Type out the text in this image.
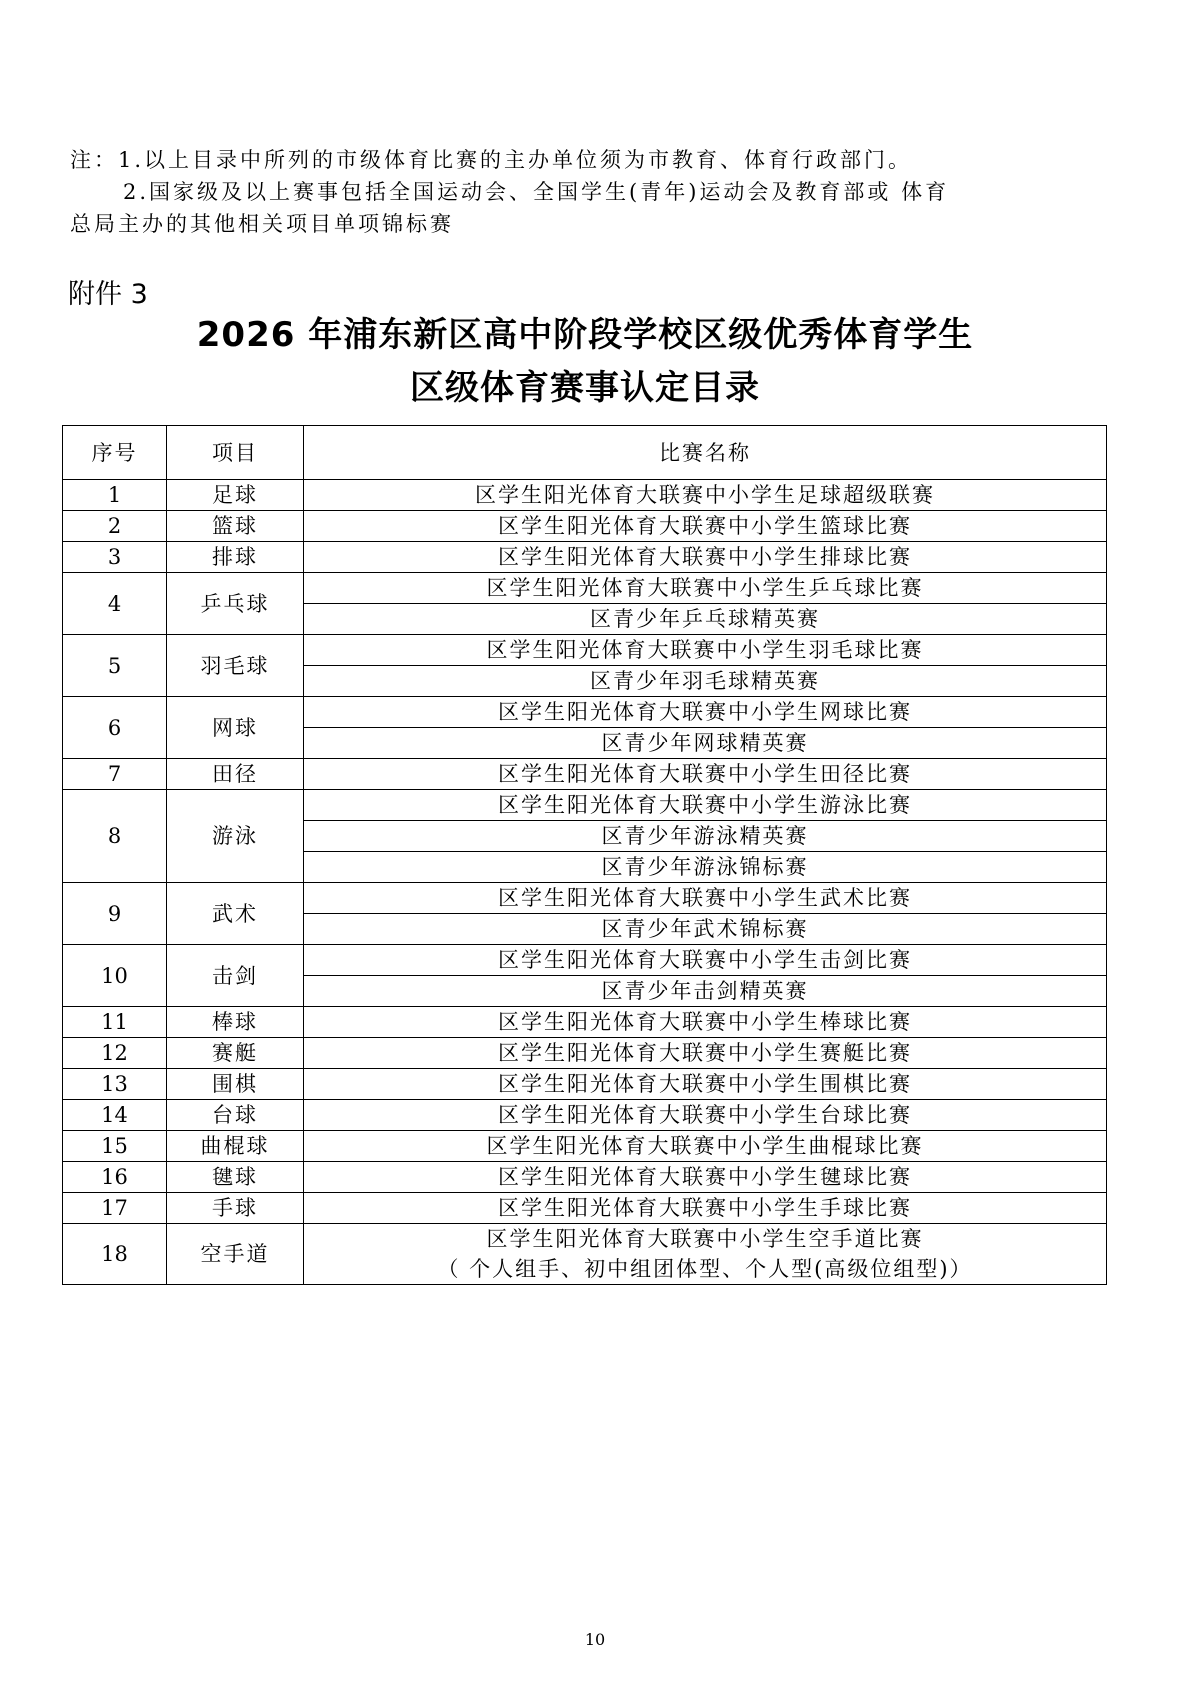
注：1.以上目录中所列的市级体育比赛的主办单位须为市教育、体育行政部门。

2.国家级及以上赛事包括全国运动会、全国学生(青年)运动会及教育部或 体育

总局主办的其他相关项目单项锦标赛

附件 3
2026 年浦东新区高中阶段学校区级优秀体育学生
区级体育赛事认定目录
序号	项目	比赛名称
1	足球	区学生阳光体育大联赛中小学生足球超级联赛
2	篮球	区学生阳光体育大联赛中小学生篮球比赛
3	排球	区学生阳光体育大联赛中小学生排球比赛
4	乒乓球	区学生阳光体育大联赛中小学生乒乓球比赛
		区青少年乒乓球精英赛
5	羽毛球	区学生阳光体育大联赛中小学生羽毛球比赛
		区青少年羽毛球精英赛
6	网球	区学生阳光体育大联赛中小学生网球比赛
		区青少年网球精英赛
7	田径	区学生阳光体育大联赛中小学生田径比赛
8	游泳	区学生阳光体育大联赛中小学生游泳比赛
		区青少年游泳精英赛
		区青少年游泳锦标赛
9	武术	区学生阳光体育大联赛中小学生武术比赛
		区青少年武术锦标赛
10	击剑	区学生阳光体育大联赛中小学生击剑比赛
		区青少年击剑精英赛
11	棒球	区学生阳光体育大联赛中小学生棒球比赛
12	赛艇	区学生阳光体育大联赛中小学生赛艇比赛
13	围棋	区学生阳光体育大联赛中小学生围棋比赛
14	台球	区学生阳光体育大联赛中小学生台球比赛
15	曲棍球	区学生阳光体育大联赛中小学生曲棍球比赛
16	毽球	区学生阳光体育大联赛中小学生毽球比赛
17	手球	区学生阳光体育大联赛中小学生手球比赛
18	空手道	区学生阳光体育大联赛中小学生空手道比赛
（ 个人组手、初中组团体型、个人型(高级位组型)）
10
